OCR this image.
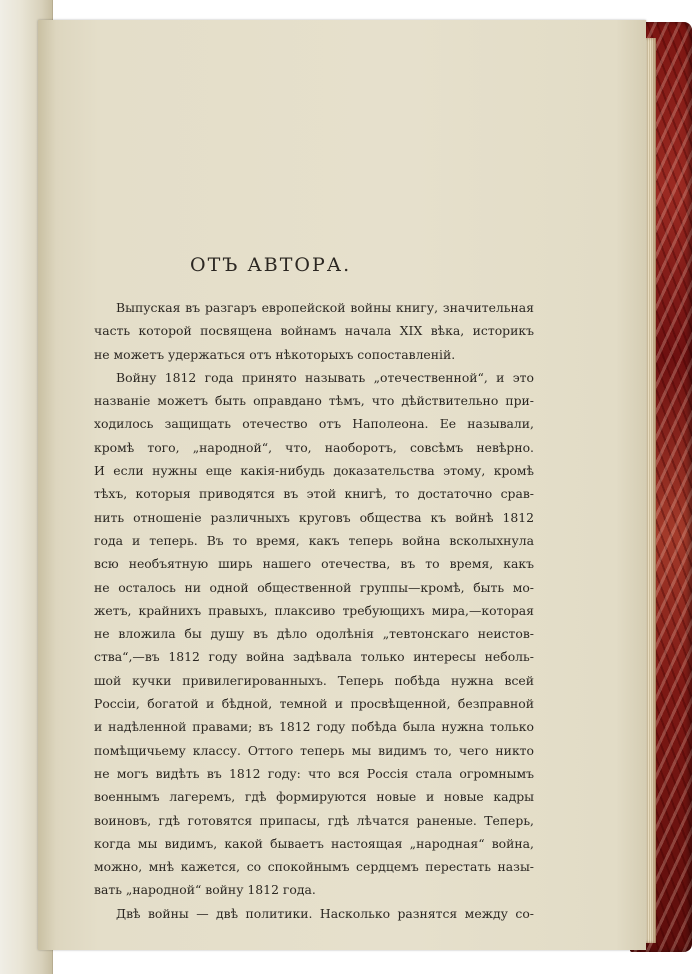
ОТЪ АВТОРА.
Выпуская въ разгаръ европейской войны книгу, значительная
часть которой посвящена войнамъ начала XIX вѣка, историкъ
не можетъ удержаться отъ нѣкоторыхъ сопоставленій.
Войну 1812 года принято называть „отечественной“, и это
названіе можетъ быть оправдано тѣмъ, что дѣйствительно при-
ходилось защищать отечество отъ Наполеона. Ее называли,
кромѣ того, „народной“, что, наоборотъ, совсѣмъ невѣрно.
И если нужны еще какія-нибудь доказательства этому, кромѣ
тѣхъ, которыя приводятся въ этой книгѣ, то достаточно срав-
нить отношеніе различныхъ круговъ общества къ войнѣ 1812
года и теперь. Въ то время, какъ теперь война всколыхнула
всю необъятную ширь нашего отечества, въ то время, какъ
не осталось ни одной общественной группы—кромѣ, быть мо-
жетъ, крайнихъ правыхъ, плаксиво требующихъ мира,—которая
не вложила бы душу въ дѣло одолѣнія „тевтонскаго неистов-
ства“,—въ 1812 году война задѣвала только интересы неболь-
шой кучки привилегированныхъ. Теперь побѣда нужна всей
Россіи, богатой и бѣдной, темной и просвѣщенной, безправной
и надѣленной правами; въ 1812 году побѣда была нужна только
помѣщичьему классу. Оттого теперь мы видимъ то, чего никто
не могъ видѣть въ 1812 году: что вся Россія стала огромнымъ
военнымъ лагеремъ, гдѣ формируются новые и новые кадры
воиновъ, гдѣ готовятся припасы, гдѣ лѣчатся раненые. Теперь,
когда мы видимъ, какой бываетъ настоящая „народная“ война,
можно, мнѣ кажется, со спокойнымъ сердцемъ перестать назы-
вать „народной“ войну 1812 года.
Двѣ войны — двѣ политики. Насколько разнятся между со-
